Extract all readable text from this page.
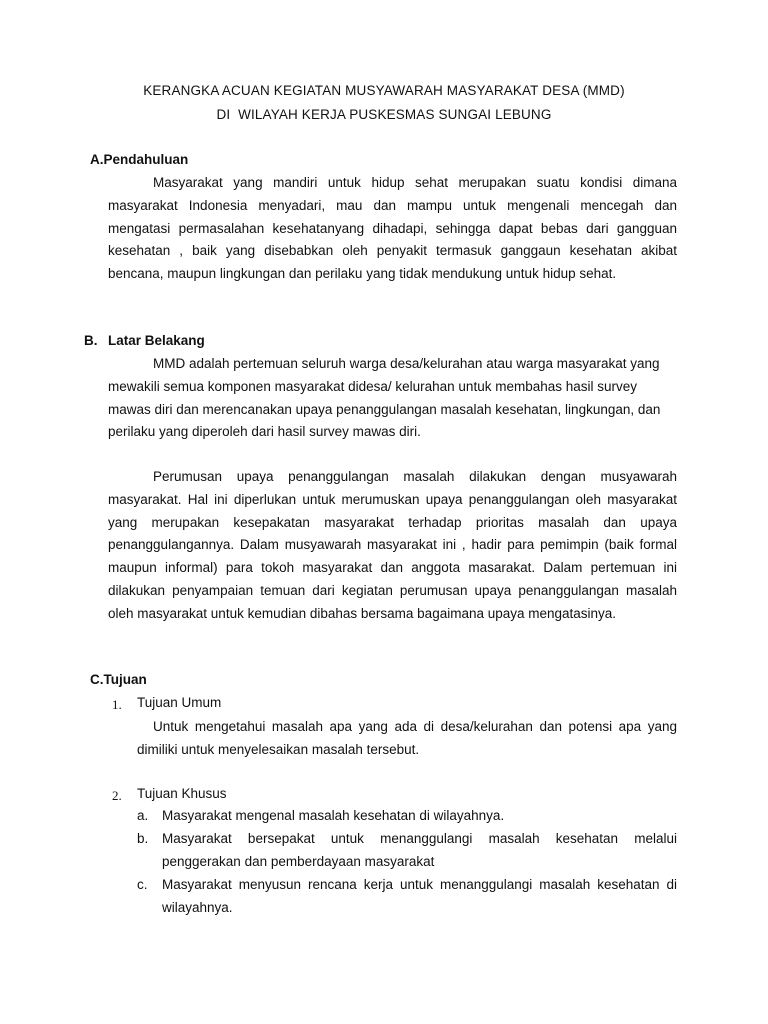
KERANGKA ACUAN KEGIATAN MUSYAWARAH MASYARAKAT DESA (MMD)
DI  WILAYAH KERJA PUSKESMAS SUNGAI LEBUNG
A.Pendahuluan

Masyarakat yang mandiri untuk hidup sehat merupakan suatu kondisi dimana masyarakat Indonesia menyadari, mau dan mampu untuk mengenali mencegah dan mengatasi permasalahan kesehatanyang dihadapi, sehingga dapat bebas dari gangguan kesehatan , baik yang disebabkan oleh penyakit termasuk ganggaun kesehatan akibat bencana, maupun lingkungan dan perilaku yang tidak mendukung untuk hidup sehat.

B. Latar Belakang

MMD adalah pertemuan seluruh warga desa/kelurahan atau warga masyarakat yang mewakili semua komponen masyarakat didesa/ kelurahan untuk membahas hasil survey mawas diri dan merencanakan upaya penanggulangan masalah kesehatan, lingkungan, dan perilaku yang diperoleh dari hasil survey mawas diri.

Perumusan upaya penanggulangan masalah dilakukan dengan musyawarah masyarakat. Hal ini diperlukan untuk merumuskan upaya penanggulangan oleh masyarakat yang merupakan kesepakatan masyarakat terhadap prioritas masalah dan upaya penanggulangannya. Dalam musyawarah masyarakat ini , hadir para pemimpin (baik formal maupun informal) para tokoh masyarakat dan anggota masarakat. Dalam pertemuan ini dilakukan penyampaian temuan dari kegiatan perumusan upaya penanggulangan masalah oleh masyarakat untuk kemudian dibahas bersama bagaimana upaya mengatasinya.

C.Tujuan
1. Tujuan Umum

Untuk mengetahui masalah apa yang ada di desa/kelurahan dan potensi apa yang dimiliki untuk menyelesaikan masalah tersebut.

2. Tujuan Khusus
a. Masyarakat mengenal masalah kesehatan di wilayahnya.

b. Masyarakat bersepakat untuk menanggulangi masalah kesehatan melalui penggerakan dan pemberdayaan masyarakat

c. Masyarakat menyusun rencana kerja untuk menanggulangi masalah kesehatan di wilayahnya.
